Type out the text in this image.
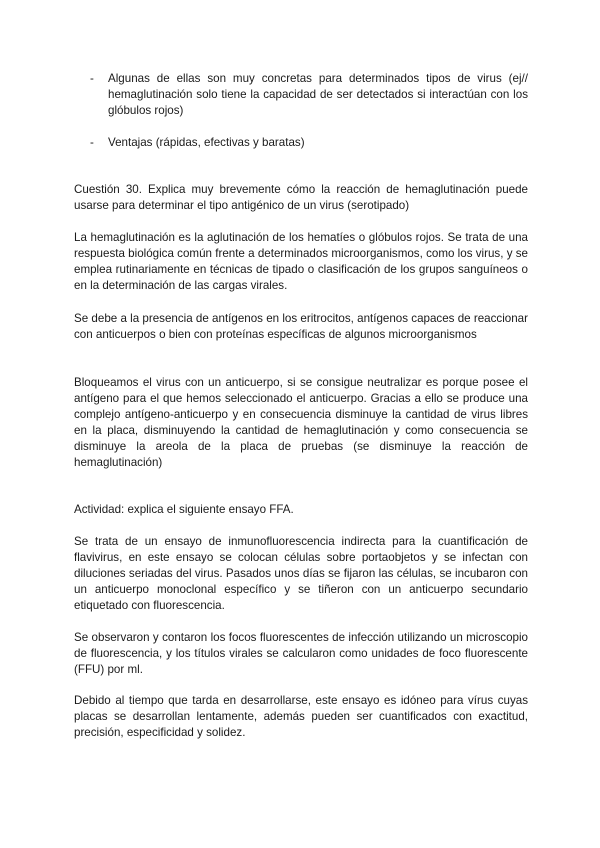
- Algunas de ellas son muy concretas para determinados tipos de virus (ej// hemaglutinación solo tiene la capacidad de ser detectados si interactúan con los glóbulos rojos)
- Ventajas (rápidas, efectivas y baratas)

Cuestión 30. Explica muy brevemente cómo la reacción de hemaglutinación puede usarse para determinar el tipo antigénico de un virus (serotipado)

La hemaglutinación es la aglutinación de los hematíes o glóbulos rojos. Se trata de una respuesta biológica común frente a determinados microorganismos, como los virus, y se emplea rutinariamente en técnicas de tipado o clasificación de los grupos sanguíneos o en la determinación de las cargas virales.

Se debe a la presencia de antígenos en los eritrocitos, antígenos capaces de reaccionar con anticuerpos o bien con proteínas específicas de algunos microorganismos

Bloqueamos el virus con un anticuerpo, si se consigue neutralizar es porque posee el antígeno para el que hemos seleccionado el anticuerpo. Gracias a ello se produce una complejo antígeno-anticuerpo y en consecuencia disminuye la cantidad de virus libres en la placa, disminuyendo la cantidad de hemaglutinación y como consecuencia se disminuye la areola de la placa de pruebas (se disminuye la reacción de hemaglutinación)

Actividad: explica el siguiente ensayo FFA.

Se trata de un ensayo de inmunofluorescencia indirecta para la cuantificación de flavivirus, en este ensayo se colocan células sobre portaobjetos y se infectan con diluciones seriadas del virus. Pasados unos días se fijaron las células, se incubaron con un anticuerpo monoclonal específico y se tiñeron con un anticuerpo secundario etiquetado con fluorescencia.

Se observaron y contaron los focos fluorescentes de infección utilizando un microscopio de fluorescencia, y los títulos virales se calcularon como unidades de foco fluorescente (FFU) por ml.

Debido al tiempo que tarda en desarrollarse, este ensayo es idóneo para vírus cuyas placas se desarrollan lentamente, además pueden ser cuantificados con exactitud, precisión, especificidad y solidez.
